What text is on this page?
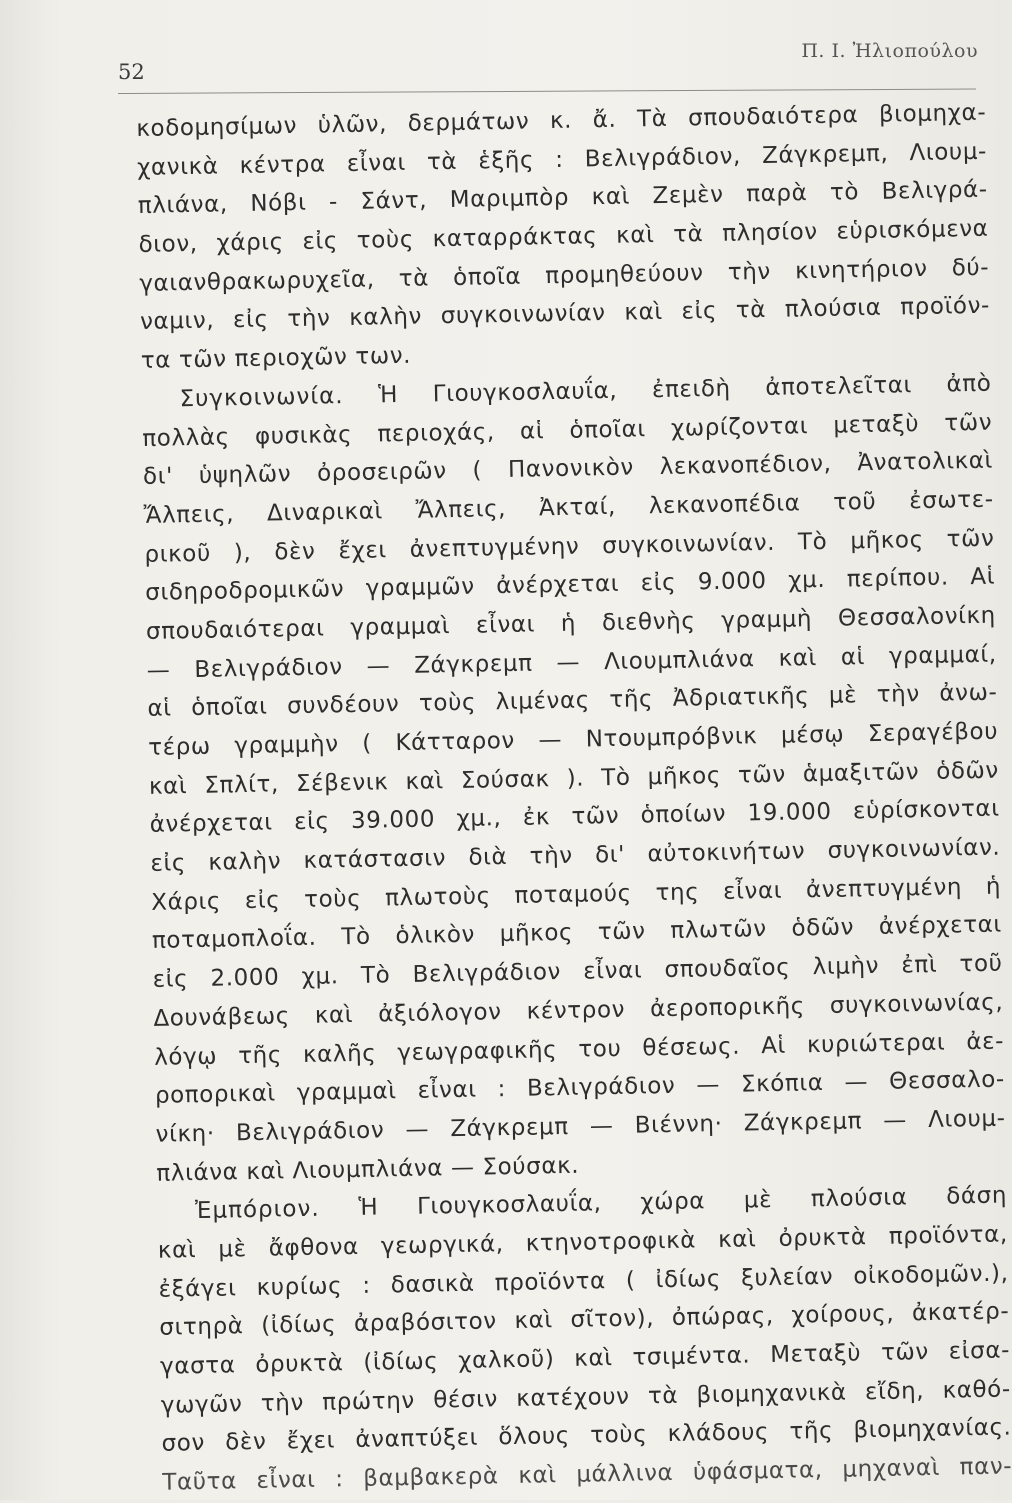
52
Π. Ι. Ἠλιοπούλου
κοδομησίμων ὑλῶν, δερμάτων κ. ἄ. Τὰ σπουδαιότερα βιομηχα-
χανικὰ κέντρα εἶναι τὰ ἑξῆς : Βελιγράδιον, Ζάγκρεμπ, Λιουμ-
πλιάνα, Νόβι - Σάντ, Μαριμπὸρ καὶ Ζεμὲν παρὰ τὸ Βελιγρά-
διον, χάρις εἰς τοὺς καταρράκτας καὶ τὰ πλησίον εὑρισκόμενα
γαιανθρακωρυχεῖα, τὰ ὁποῖα προμηθεύουν τὴν κινητήριον δύ-
ναμιν, εἰς τὴν καλὴν συγκοινωνίαν καὶ εἰς τὰ πλούσια προϊόν-
τα τῶν περιοχῶν των.
Συγκοινωνία. Ἡ Γιουγκοσλαυΐα, ἐπειδὴ ἀποτελεῖται ἀπὸ
πολλὰς φυσικὰς περιοχάς, αἱ ὁποῖαι χωρίζονται μεταξὺ τῶν
δι' ὑψηλῶν ὀροσειρῶν ( Πανονικὸν λεκανοπέδιον, Ἀνατολικαὶ
Ἄλπεις, Διναρικαὶ Ἄλπεις, Ἀκταί, λεκανοπέδια τοῦ ἐσωτε-
ρικοῦ ), δὲν ἔχει ἀνεπτυγμένην συγκοινωνίαν. Τὸ μῆκος τῶν
σιδηροδρομικῶν γραμμῶν ἀνέρχεται εἰς 9.000 χμ. περίπου. Αἱ
σπουδαιότεραι γραμμαὶ εἶναι ἡ διεθνὴς γραμμὴ Θεσσαλονίκη
— Βελιγράδιον — Ζάγκρεμπ — Λιουμπλιάνα καὶ αἱ γραμμαί,
αἱ ὁποῖαι συνδέουν τοὺς λιμένας τῆς Ἀδριατικῆς μὲ τὴν ἀνω-
τέρω γραμμὴν ( Κάτταρον — Ντουμπρόβνικ μέσῳ Σεραγέβου
καὶ Σπλίτ, Σέβενικ καὶ Σούσακ ). Τὸ μῆκος τῶν ἁμαξιτῶν ὁδῶν
ἀνέρχεται εἰς 39.000 χμ., ἐκ τῶν ὁποίων 19.000 εὑρίσκονται
εἰς καλὴν κατάστασιν διὰ τὴν δι' αὐτοκινήτων συγκοινωνίαν.
Χάρις εἰς τοὺς πλωτοὺς ποταμούς της εἶναι ἀνεπτυγμένη ἡ
ποταμοπλοΐα. Τὸ ὁλικὸν μῆκος τῶν πλωτῶν ὁδῶν ἀνέρχεται
εἰς 2.000 χμ. Τὸ Βελιγράδιον εἶναι σπουδαῖος λιμὴν ἐπὶ τοῦ
Δουνάβεως καὶ ἀξιόλογον κέντρον ἀεροπορικῆς συγκοινωνίας,
λόγῳ τῆς καλῆς γεωγραφικῆς του θέσεως. Αἱ κυριώτεραι ἀε-
ροπορικαὶ γραμμαὶ εἶναι : Βελιγράδιον — Σκόπια — Θεσσαλο-
νίκη· Βελιγράδιον — Ζάγκρεμπ — Βιέννη· Ζάγκρεμπ — Λιουμ-
πλιάνα καὶ Λιουμπλιάνα — Σούσακ.
Ἐμπόριον. Ἡ Γιουγκοσλαυΐα, χώρα μὲ πλούσια δάση
καὶ μὲ ἄφθονα γεωργικά, κτηνοτροφικὰ καὶ ὀρυκτὰ προϊόντα,
ἐξάγει κυρίως : δασικὰ προϊόντα ( ἰδίως ξυλείαν οἰκοδομῶν.),
σιτηρὰ (ἰδίως ἀραβόσιτον καὶ σῖτον), ὀπώρας, χοίρους, ἀκατέρ-
γαστα ὀρυκτὰ (ἰδίως χαλκοῦ) καὶ τσιμέντα. Μεταξὺ τῶν εἰσα-
γωγῶν τὴν πρώτην θέσιν κατέχουν τὰ βιομηχανικὰ εἴδη, καθό-
σον δὲν ἔχει ἀναπτύξει ὅλους τοὺς κλάδους τῆς βιομηχανίας.
Ταῦτα εἶναι : βαμβακερὰ καὶ μάλλινα ὑφάσματα, μηχαναὶ παν-
